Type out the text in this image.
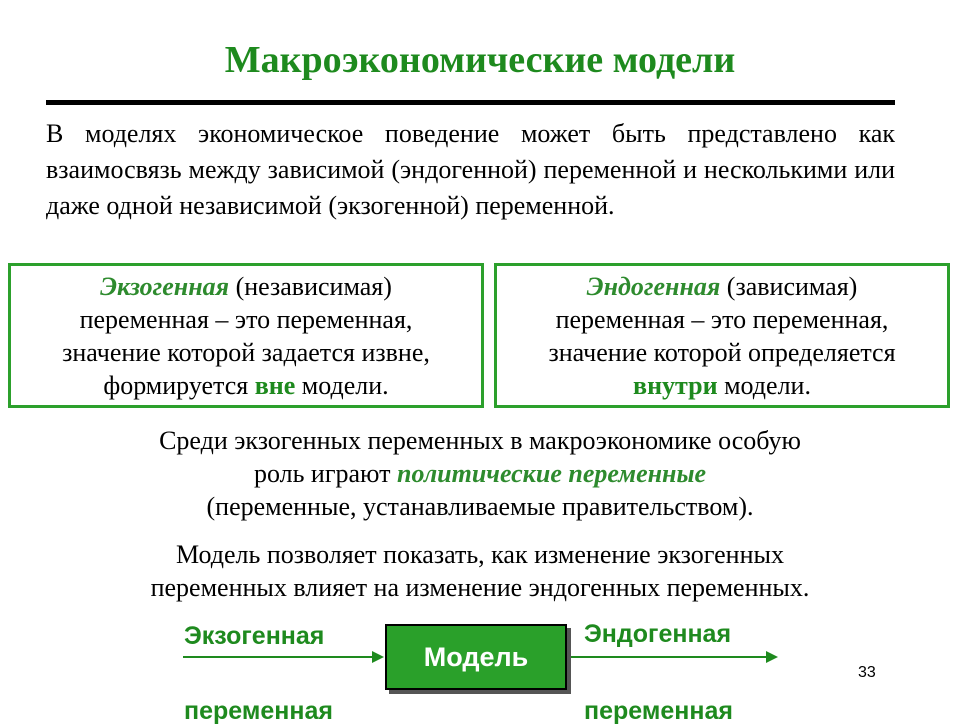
Макроэкономические модели
В моделях экономическое поведение может быть представлено как взаимосвязь между зависимой (эндогенной) переменной и несколькими или даже одной независимой (экзогенной) переменной.
Экзогенная (независимая)
переменная – это переменная,
значение которой задается извне,
формируется вне модели.
Эндогенная (зависимая)
переменная – это переменная,
значение которой определяется
внутри модели.
Среди экзогенных переменных в макроэкономике особую
роль играют политические переменные
(переменные, устанавливаемые правительством).
Модель позволяет показать, как изменение экзогенных
переменных влияет на изменение эндогенных переменных.
Экзогенная
переменная
Модель
Эндогенная
переменная
33
